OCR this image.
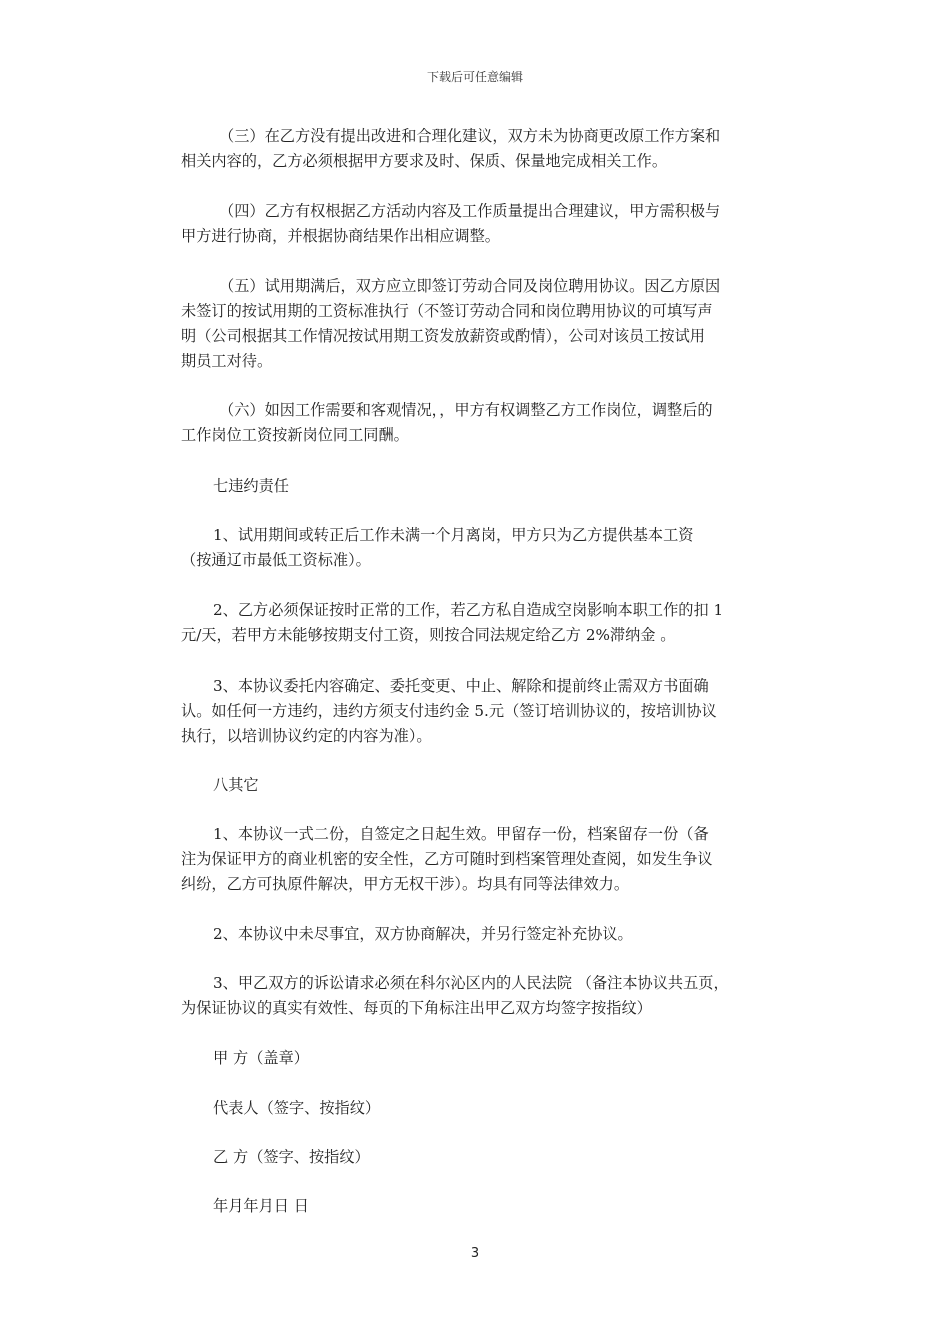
下载后可任意编辑
（三）在乙方没有提出改进和合理化建议，双方未为协商更改原工作方案和
相关内容的，乙方必须根据甲方要求及时、保质、保量地完成相关工作。
（四）乙方有权根据乙方活动内容及工作质量提出合理建议，甲方需积极与
甲方进行协商，并根据协商结果作出相应调整。
（五）试用期满后，双方应立即签订劳动合同及岗位聘用协议。因乙方原因
未签订的按试用期的工资标准执行（不签订劳动合同和岗位聘用协议的可填写声
明（公司根据其工作情况按试用期工资发放薪资或酌情），公司对该员工按试用
期员工对待。
（六）如因工作需要和客观情况，，甲方有权调整乙方工作岗位，调整后的
工作岗位工资按新岗位同工同酬。
七违约责任
1、试用期间或转正后工作未满一个月离岗，甲方只为乙方提供基本工资
（按通辽市最低工资标准）。
2、乙方必须保证按时正常的工作，若乙方私自造成空岗影响本职工作的扣 1
元/天，若甲方未能够按期支付工资，则按合同法规定给乙方 2%滞纳金 。
3、本协议委托内容确定、委托变更、中止、解除和提前终止需双方书面确
认。如任何一方违约，违约方须支付违约金 5.元（签订培训协议的，按培训协议
执行，以培训协议约定的内容为准）。
八其它
1、本协议一式二份，自签定之日起生效。甲留存一份，档案留存一份（备
注为保证甲方的商业机密的安全性，乙方可随时到档案管理处查阅，如发生争议
纠纷，乙方可执原件解决，甲方无权干涉）。均具有同等法律效力。
2、本协议中未尽事宜，双方协商解决，并另行签定补充协议。
3、甲乙双方的诉讼请求必须在科尔沁区内的人民法院 （备注本协议共五页，
为保证协议的真实有效性、每页的下角标注出甲乙双方均签字按指纹）
甲 方（盖章）
代表人（签字、按指纹）
乙 方（签字、按指纹）
年月年月日 日
3
